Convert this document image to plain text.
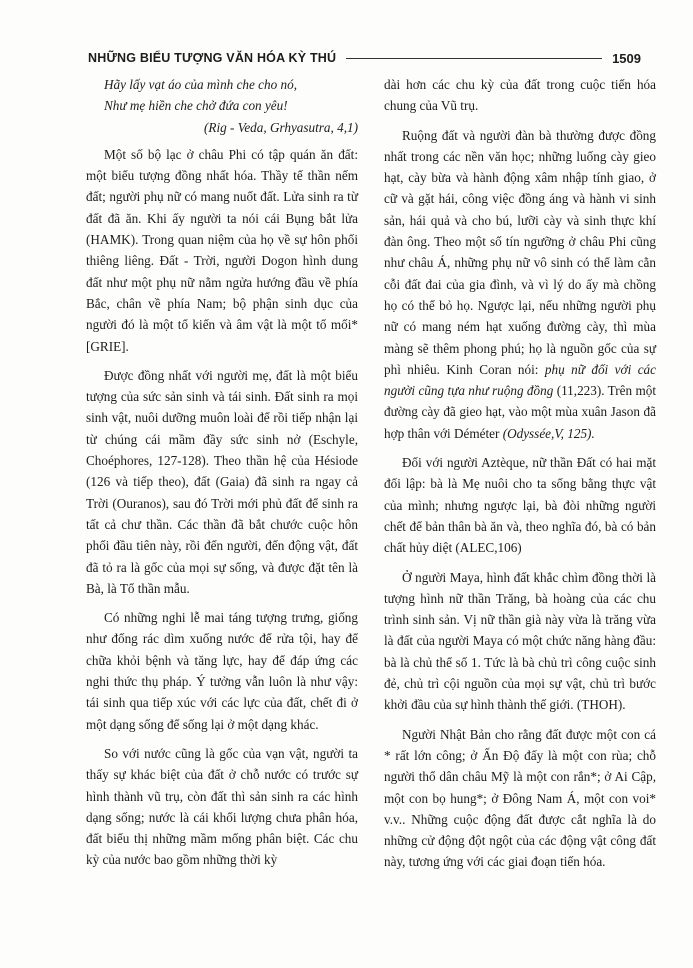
NHỮNG BIỂU TƯỢNG VĂN HÓA KỲ THÚ	1509
Hãy lấy vạt áo của mình che cho nó,
Như mẹ hiền che chở đứa con yêu!
(Rig - Veda, Grhyasutra, 4,1)

Một số bộ lạc ở châu Phi có tập quán ăn đất: một biểu tượng đồng nhất hóa. Thầy tế thần nếm đất; người phụ nữ có mang nuốt đất. Lửa sinh ra từ đất đã ăn. Khi ấy người ta nói cái Bụng bắt lửa (HAMK). Trong quan niệm của họ về sự hôn phối thiêng liêng. Đất - Trời, người Dogon hình dung đất như một phụ nữ nằm ngửa hướng đầu về phía Bắc, chân về phía Nam; bộ phận sinh dục của người đó là một tổ kiến và âm vật là một tổ mối* [GRIE].

Được đồng nhất với người mẹ, đất là một biểu tượng của sức sản sinh và tái sinh. Đất sinh ra mọi sinh vật, nuôi dưỡng muôn loài để rồi tiếp nhận lại từ chúng cái mầm đầy sức sinh nở (Eschyle, Choéphores, 127-128). Theo thần hệ của Hésiode (126 và tiếp theo), đất (Gaia) đã sinh ra ngay cả Trời (Ouranos), sau đó Trời mới phủ đất để sinh ra tất cả chư thần. Các thần đã bắt chước cuộc hôn phối đầu tiên này, rồi đến người, đến động vật, đất đã tỏ ra là gốc của mọi sự sống, và được đặt tên là Bà, là Tổ thần mẫu.

Có những nghi lễ mai táng tượng trưng, giống như đống rác dìm xuống nước để rửa tội, hay để chữa khỏi bệnh và tăng lực, hay để đáp ứng các nghi thức thụ pháp. Ý tưởng vẫn luôn là như vậy: tái sinh qua tiếp xúc với các lực của đất, chết đi ở một dạng sống để sống lại ở một dạng khác.

So với nước cũng là gốc của vạn vật, người ta thấy sự khác biệt của đất ở chỗ nước có trước sự hình thành vũ trụ, còn đất thì sản sinh ra các hình dạng sống; nước là cái khối lượng chưa phân hóa, đất biểu thị những mầm mống phân biệt. Các chu kỳ của nước bao gồm những thời kỳ

dài hơn các chu kỳ của đất trong cuộc tiến hóa chung của Vũ trụ.

Ruộng đất và người đàn bà thường được đồng nhất trong các nền văn học; những luống cày gieo hạt, cày bừa và hành động xâm nhập tính giao, ở cữ và gặt hái, công việc đồng áng và hành vi sinh sản, hái quả và cho bú, lưỡi cày và sinh thực khí đàn ông. Theo một số tín ngưỡng ở châu Phi cũng như châu Á, những phụ nữ vô sinh có thể làm cằn cỗi đất đai của gia đình, và vì lý do ấy mà chồng họ có thể bỏ họ. Ngược lại, nếu những người phụ nữ có mang ném hạt xuống đường cày, thì mùa màng sẽ thêm phong phú; họ là nguồn gốc của sự phì nhiêu. Kinh Coran nói: phụ nữ đối với các người cũng tựa như ruộng đồng (11,223). Trên một đường cày đã gieo hạt, vào một mùa xuân Jason đã hợp thân với Déméter (Odyssée,V, 125).

Đối với người Aztèque, nữ thần Đất có hai mặt đối lập: bà là Mẹ nuôi cho ta sống bằng thực vật của mình; nhưng ngược lại, bà đòi những người chết để bản thân bà ăn và, theo nghĩa đó, bà có bản chất hủy diệt (ALEC,106)

Ở người Maya, hình đất khắc chìm đồng thời là tượng hình nữ thần Trăng, bà hoàng của các chu trình sinh sản. Vị nữ thần già này vừa là trăng vừa là đất của người Maya có một chức năng hàng đầu: bà là chủ thể số 1. Tức là bà chủ trì công cuộc sinh đẻ, chủ trì cội nguồn của mọi sự vật, chủ trì bước khởi đầu của sự hình thành thế giới. (THOH).

Người Nhật Bản cho rằng đất được một con cá * rất lớn công; ở Ấn Độ đấy là một con rùa; chỗ người thổ dân châu Mỹ là một con rắn*; ở Ai Cập, một con bọ hung*; ở Đông Nam Á, một con voi* v.v.. Những cuộc động đất được cắt nghĩa là do những cử động đột ngột của các động vật công đất này, tương ứng với các giai đoạn tiến hóa.
